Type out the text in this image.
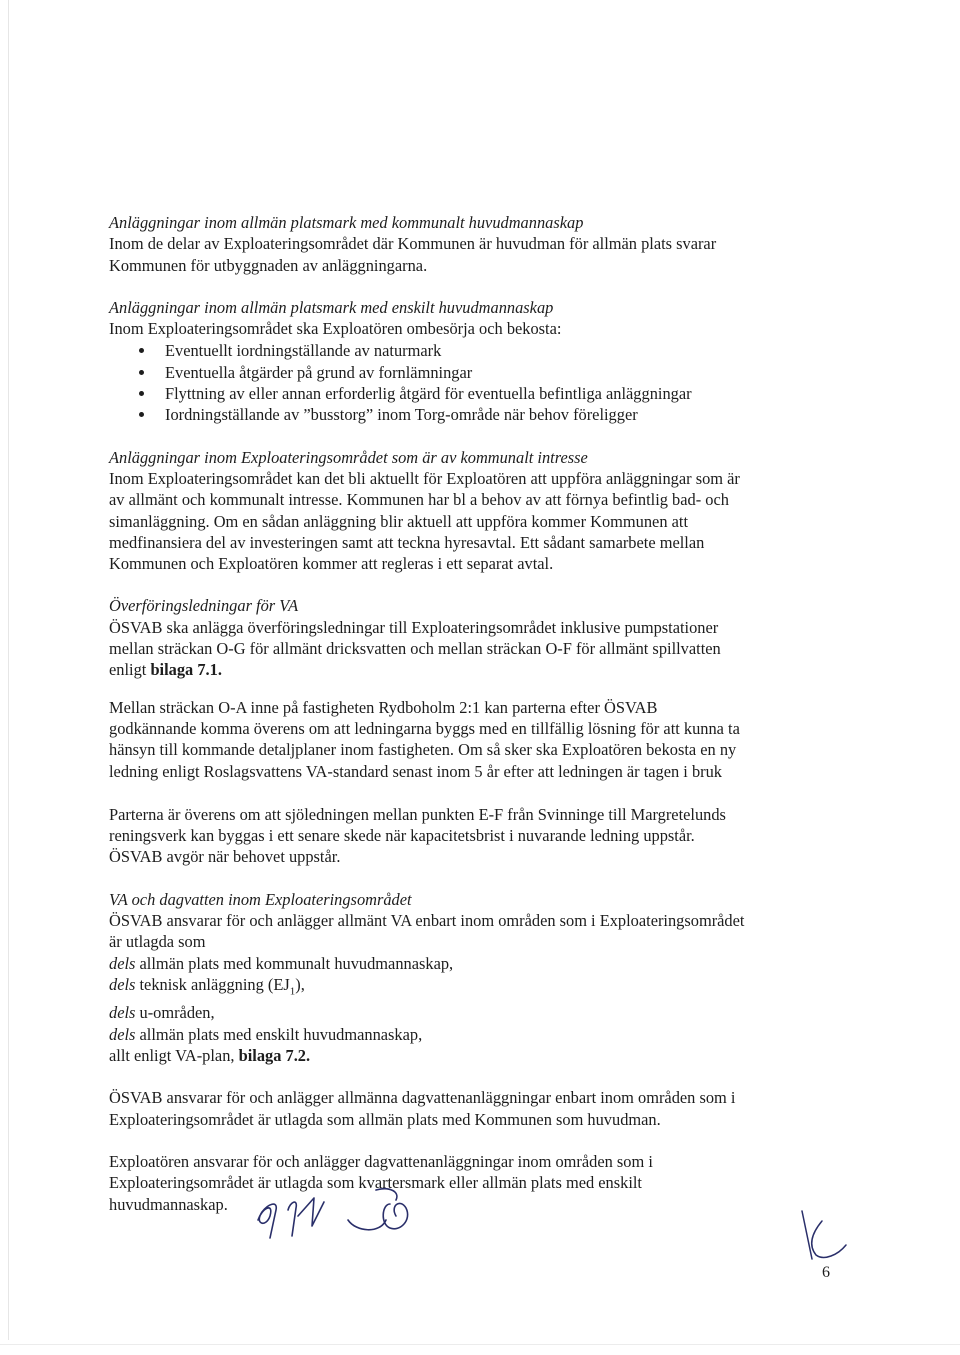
Anläggningar inom allmän platsmark med kommunalt huvudmannaskap

Inom de delar av Exploateringsområdet där Kommunen är huvudman för allmän plats svarar

Kommunen för utbyggnaden av anläggningarna.

Anläggningar inom allmän platsmark med enskilt huvudmannaskap

Inom Exploateringsområdet ska Exploatören ombesörja och bekosta:

Eventuellt iordningställande av naturmark
Eventuella åtgärder på grund av fornlämningar
Flyttning av eller annan erforderlig åtgärd för eventuella befintliga anläggningar
Iordningställande av ”busstorg” inom Torg-område när behov föreligger

Anläggningar inom Exploateringsområdet som är av kommunalt intresse

Inom Exploateringsområdet kan det bli aktuellt för Exploatören att uppföra anläggningar som är

av allmänt och kommunalt intresse. Kommunen har bl a behov av att förnya befintlig bad- och

simanläggning. Om en sådan anläggning blir aktuell att uppföra kommer Kommunen att

medfinansiera del av investeringen samt att teckna hyresavtal. Ett sådant samarbete mellan

Kommunen och Exploatören kommer att regleras i ett separat avtal.

Överföringsledningar för VA

ÖSVAB ska anlägga överföringsledningar till Exploateringsområdet inklusive pumpstationer

mellan sträckan O-G för allmänt dricksvatten och mellan sträckan O-F för allmänt spillvatten

enligt bilaga 7.1.

Mellan sträckan O-A inne på fastigheten Rydboholm 2:1 kan parterna efter ÖSVAB

godkännande komma överens om att ledningarna byggs med en tillfällig lösning för att kunna ta

hänsyn till kommande detaljplaner inom fastigheten. Om så sker ska Exploatören bekosta en ny

ledning enligt Roslagsvattens VA-standard senast inom 5 år efter att ledningen är tagen i bruk

Parterna är överens om att sjöledningen mellan punkten E-F från Svinninge till Margretelunds

reningsverk kan byggas i ett senare skede när kapacitetsbrist i nuvarande ledning uppstår.

ÖSVAB avgör när behovet uppstår.

VA och dagvatten inom Exploateringsområdet

ÖSVAB ansvarar för och anlägger allmänt VA enbart inom områden som i Exploateringsområdet

är utlagda som

dels allmän plats med kommunalt huvudmannaskap,

dels teknisk anläggning $(EJ_1)$,

dels u-områden,

dels allmän plats med enskilt huvudmannaskap,

allt enligt VA-plan, bilaga 7.2.

ÖSVAB ansvarar för och anlägger allmänna dagvattenanläggningar enbart inom områden som i

Exploateringsområdet är utlagda som allmän plats med Kommunen som huvudman.

Exploatören ansvarar för och anlägger dagvattenanläggningar inom områden som i

Exploateringsområdet är utlagda som kvartersmark eller allmän plats med enskilt

huvudmannaskap.

6
